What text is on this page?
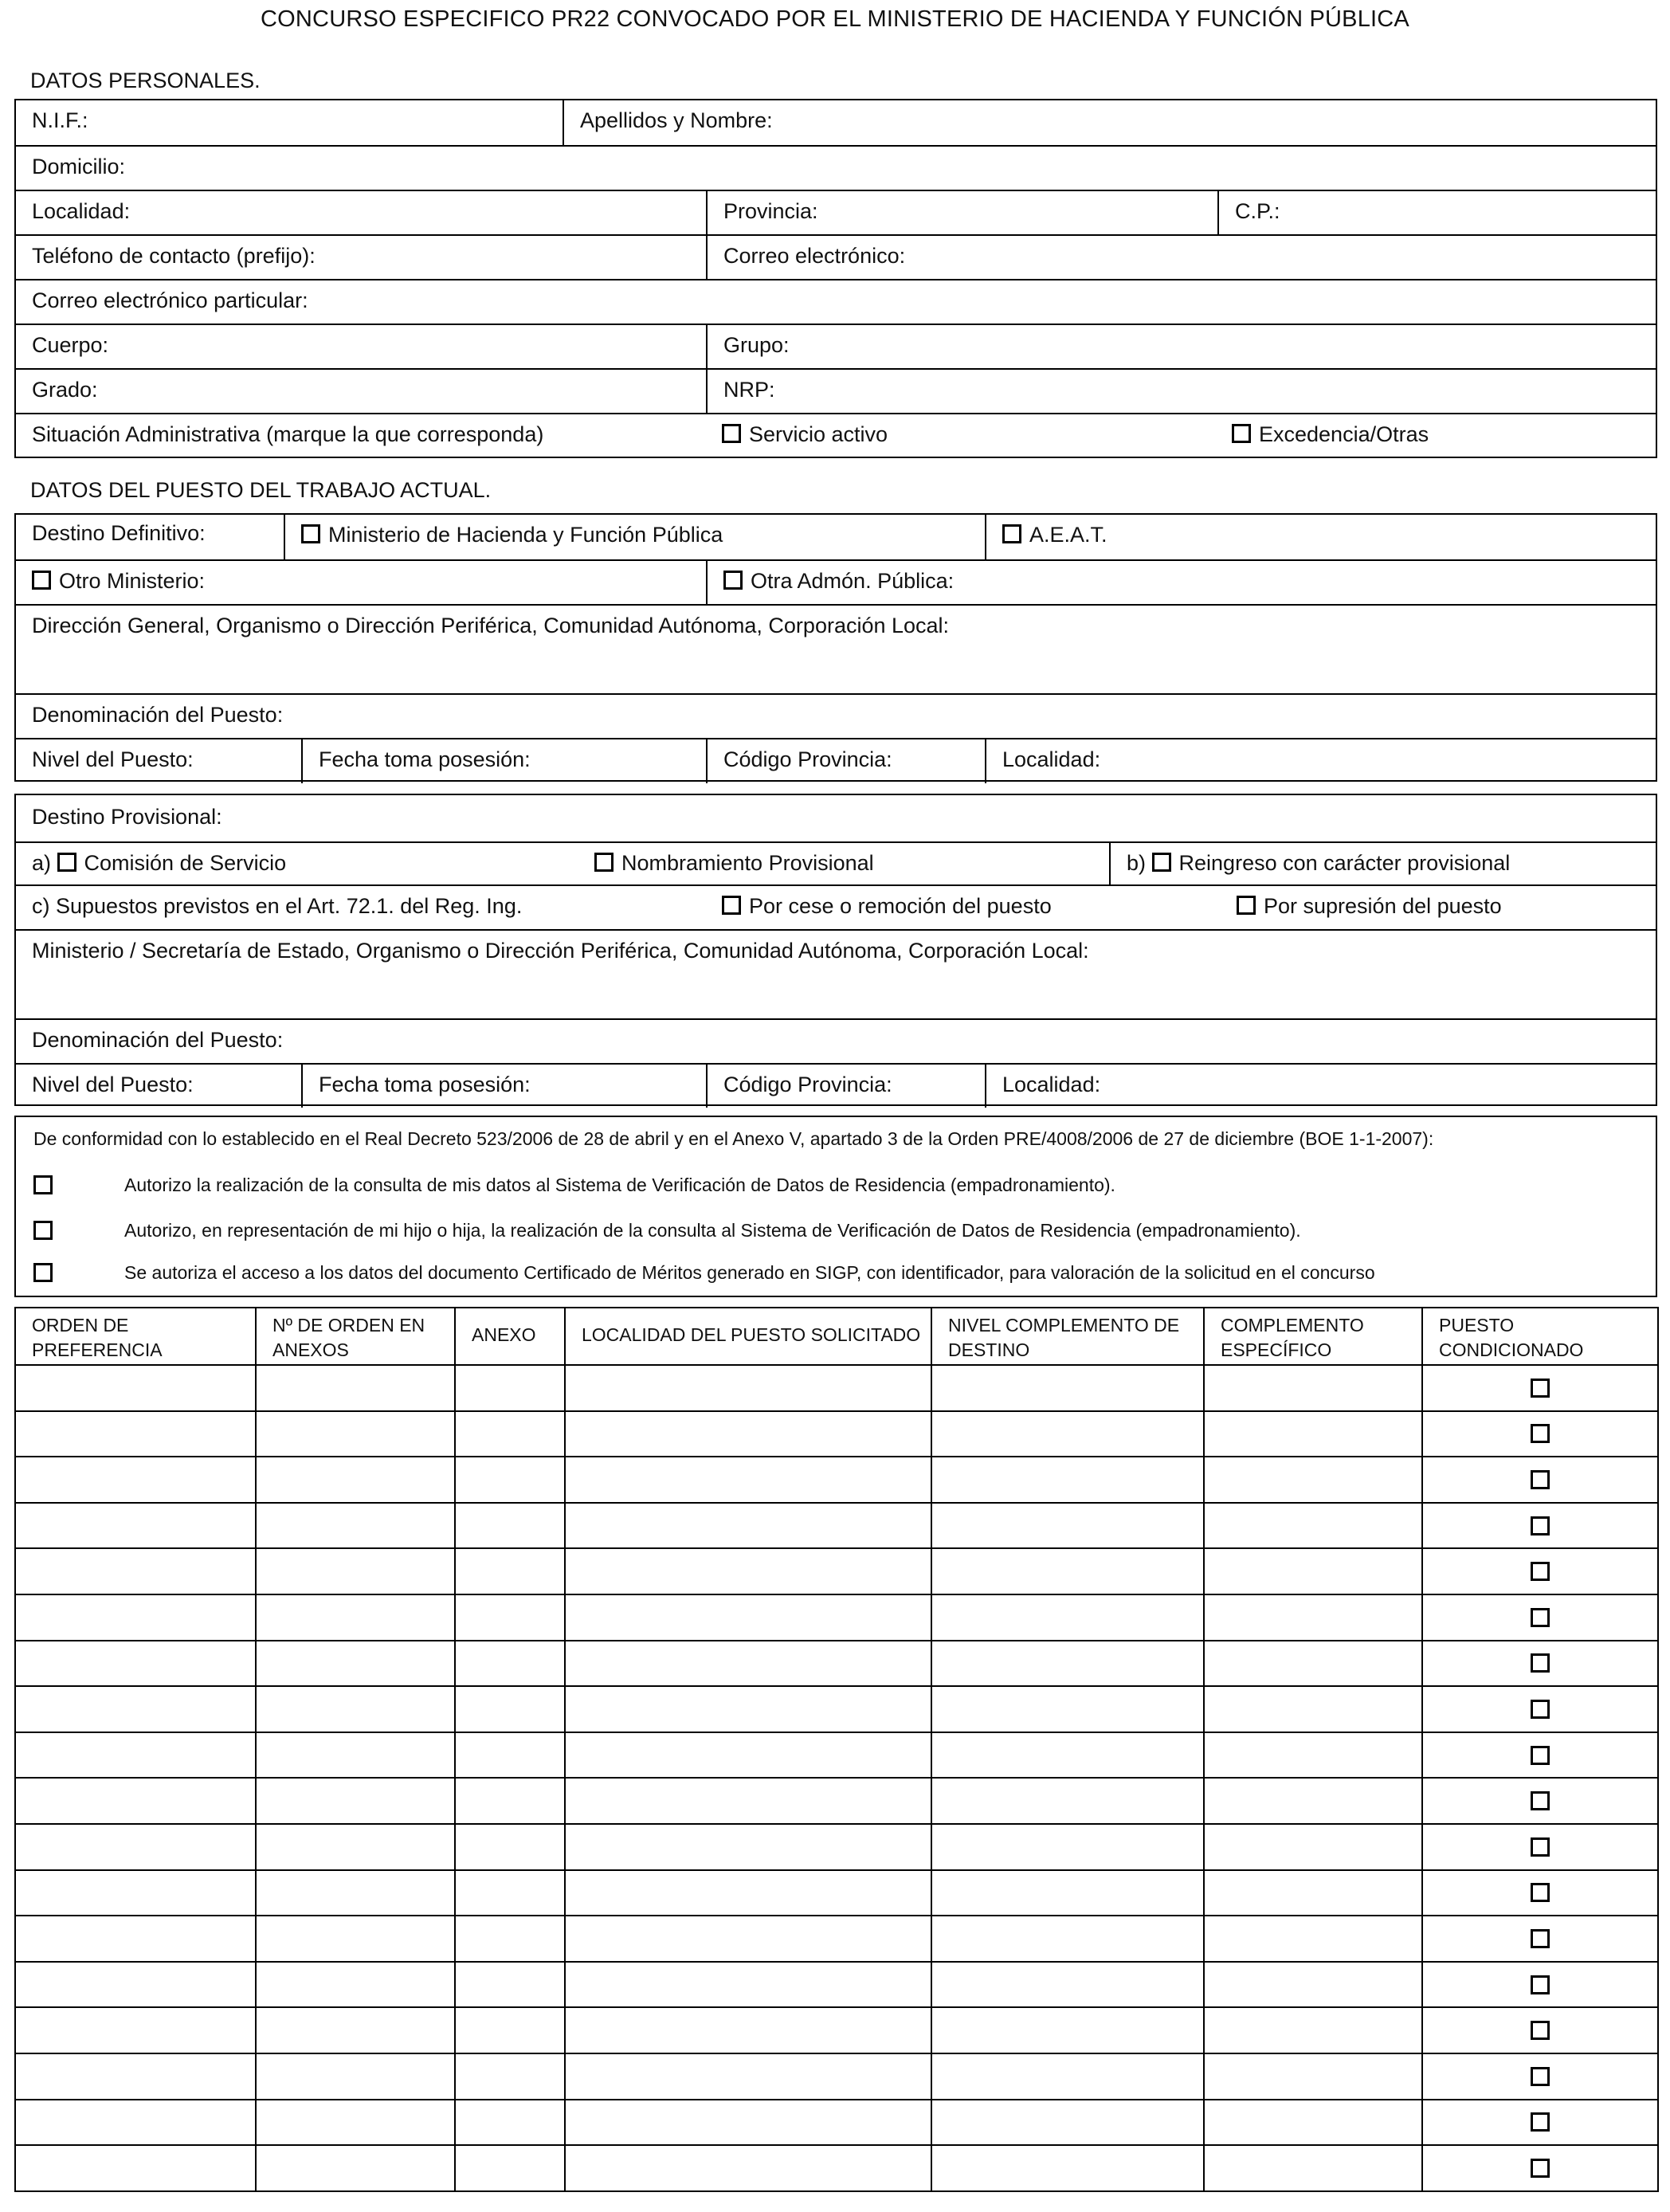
CONCURSO ESPECIFICO PR22 CONVOCADO POR EL MINISTERIO DE HACIENDA Y FUNCIÓN PÚBLICA
DATOS PERSONALES.
N.I.F.:	Apellidos y Nombre:
Domicilio:
Localidad:	Provincia:	C.P.:
Teléfono de contacto (prefijo):	Correo electrónico:
Correo electrónico particular:
Cuerpo:	Grupo:
Grado:	NRP:
Situación Administrativa (marque la que corresponda)	Servicio activo	Excedencia/Otras
DATOS DEL PUESTO DEL TRABAJO ACTUAL.
Destino Definitivo:	Ministerio de Hacienda y Función Pública	A.E.A.T.
Otro Ministerio:	Otra Admón. Pública:
Dirección General, Organismo o Dirección Periférica, Comunidad Autónoma, Corporación Local:
Denominación del Puesto:
Nivel del Puesto:	Fecha toma posesión:	Código Provincia:	Localidad:
Destino Provisional:
a) Comisión de Servicio	Nombramiento Provisional	b) Reingreso con carácter provisional
c) Supuestos previstos en el Art. 72.1. del Reg. Ing.	Por cese o remoción del puesto	Por supresión del puesto
Ministerio / Secretaría de Estado, Organismo o Dirección Periférica, Comunidad Autónoma, Corporación Local:
Denominación del Puesto:
Nivel del Puesto:	Fecha toma posesión:	Código Provincia:	Localidad:
De conformidad con lo establecido en el Real Decreto 523/2006 de 28 de abril y en el Anexo V, apartado 3 de la Orden PRE/4008/2006 de 27 de diciembre (BOE 1-1-2007):
Autorizo la realización de la consulta de mis datos al Sistema de Verificación de Datos de Residencia (empadronamiento).
Autorizo, en representación de mi hijo o hija, la realización de la consulta al Sistema de Verificación de Datos de Residencia (empadronamiento).
Se autoriza el acceso a los datos del documento Certificado de Méritos generado en SIGP, con identificador, para valoración de la solicitud en el concurso
ORDEN DE PREFERENCIA	Nº DE ORDEN EN ANEXOS	ANEXO	LOCALIDAD DEL PUESTO SOLICITADO	NIVEL COMPLEMENTO DE DESTINO	COMPLEMENTO ESPECÍFICO	PUESTO CONDICIONADO
